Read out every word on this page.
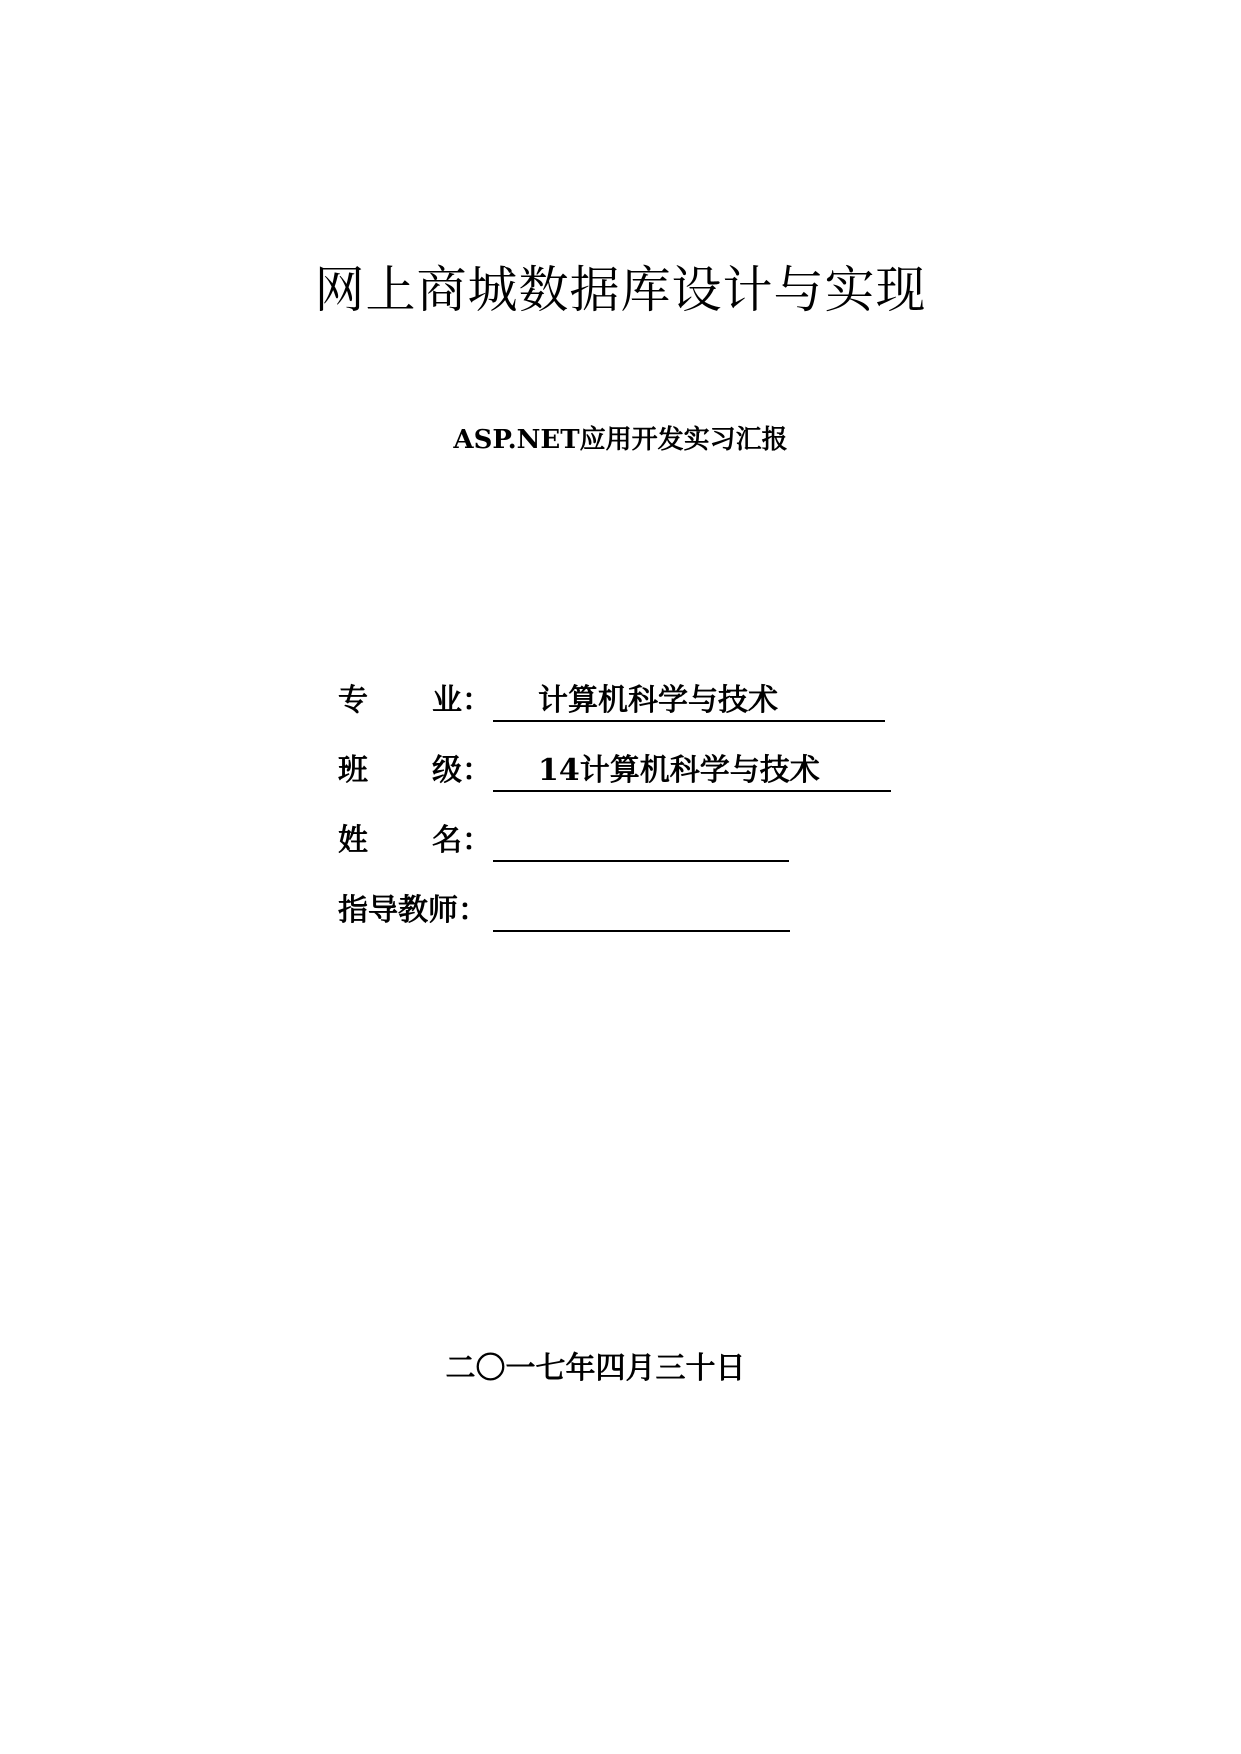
网上商城数据库设计与实现
ASP.NET应用开发实习汇报
专 业： 计算机科学与技术
班 级： 14计算机科学与技术
姓 名：
指导教师：
二〇一七年四月三十日
